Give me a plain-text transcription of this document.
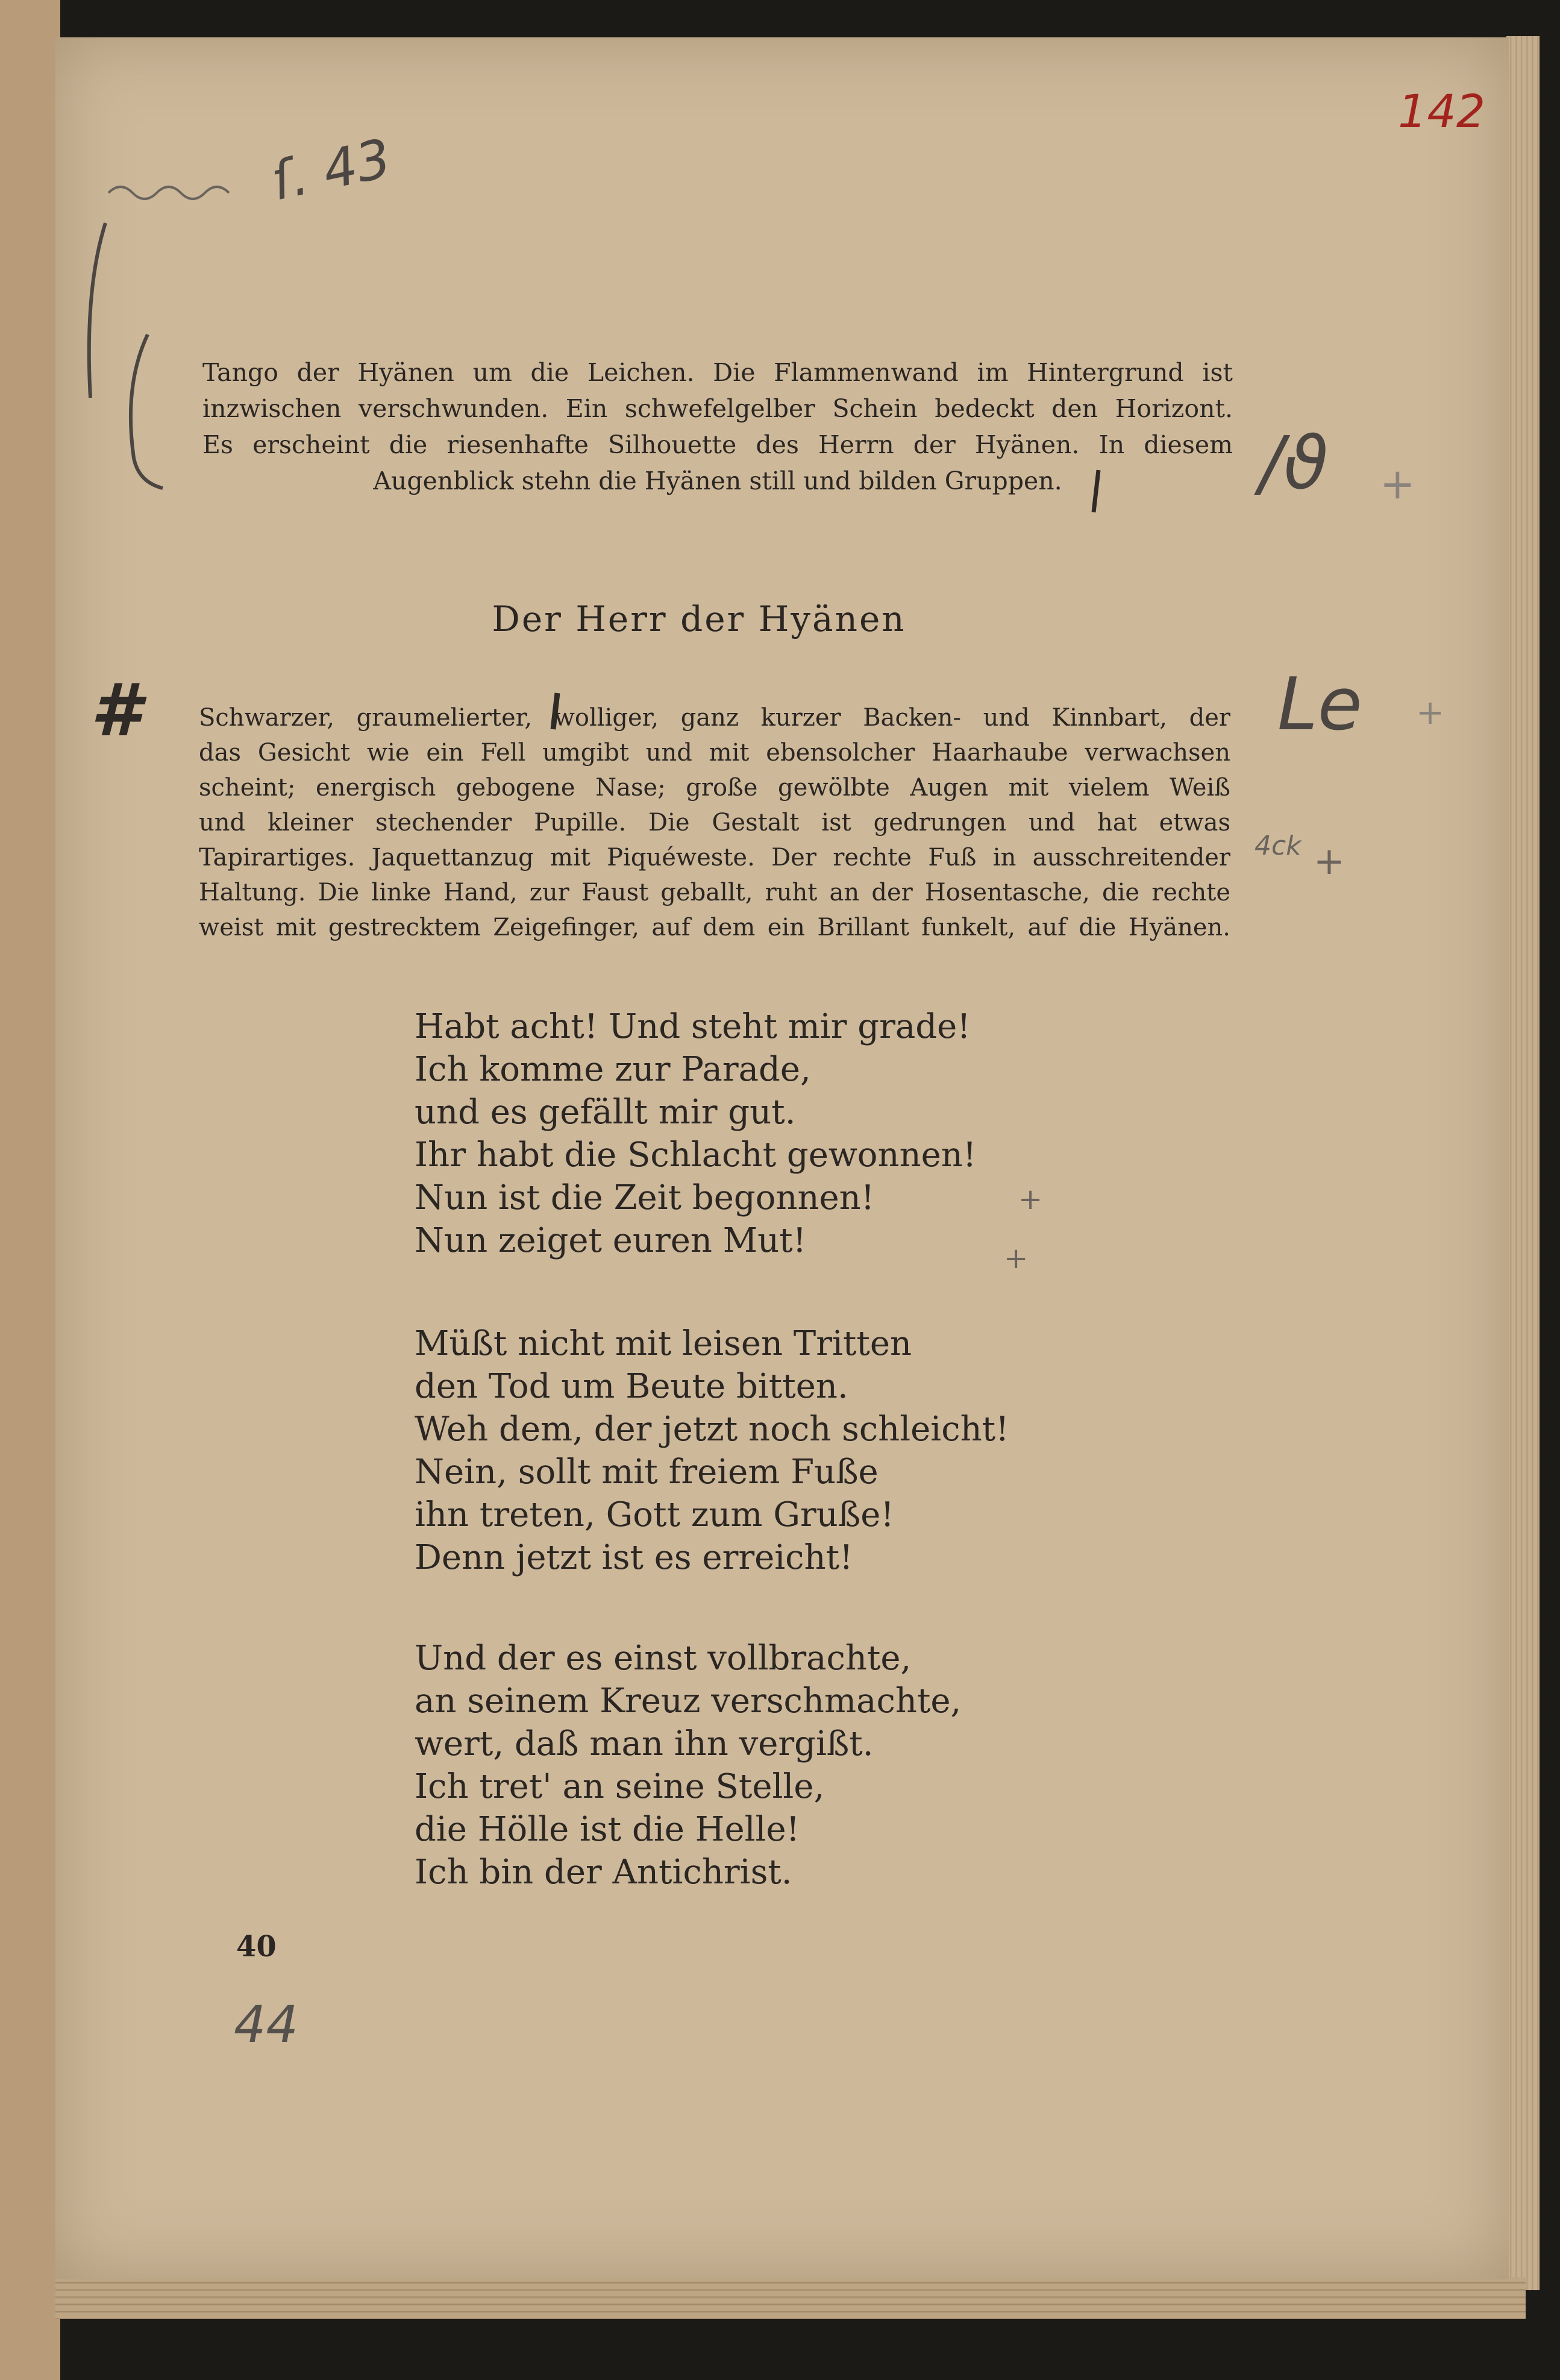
142
ſ. 43
/ϑ +
#	Le +
4ck +
+
+
44
Tango der Hyänen um die Leichen. Die Flammenwand im Hintergrund ist
inzwischen verschwunden. Ein schwefelgelber Schein bedeckt den Horizont.
Es erscheint die riesenhafte Silhouette des Herrn der Hyänen. In diesem
Augenblick stehn die Hyänen still und bilden Gruppen.
Der Herr der Hyänen
Schwarzer, graumelierter, wolliger, ganz kurzer Backen- und Kinnbart, der
das Gesicht wie ein Fell umgibt und mit ebensolcher Haarhaube verwachsen
scheint; energisch gebogene Nase; große gewölbte Augen mit vielem Weiß
und kleiner stechender Pupille. Die Gestalt ist gedrungen und hat etwas
Tapirartiges. Jaquettanzug mit Piquéweste. Der rechte Fuß in ausschreitender
Haltung. Die linke Hand, zur Faust geballt, ruht an der Hosentasche, die rechte
weist mit gestrecktem Zeigefinger, auf dem ein Brillant funkelt, auf die Hyänen.
Habt acht! Und steht mir grade!
Ich komme zur Parade,
und es gefällt mir gut.
Ihr habt die Schlacht gewonnen!
Nun ist die Zeit begonnen!
Nun zeiget euren Mut!
Müßt nicht mit leisen Tritten
den Tod um Beute bitten.
Weh dem, der jetzt noch schleicht!
Nein, sollt mit freiem Fuße
ihn treten, Gott zum Gruße!
Denn jetzt ist es erreicht!
Und der es einst vollbrachte,
an seinem Kreuz verschmachte,
wert, daß man ihn vergißt.
Ich tret' an seine Stelle,
die Hölle ist die Helle!
Ich bin der Antichrist.
40
